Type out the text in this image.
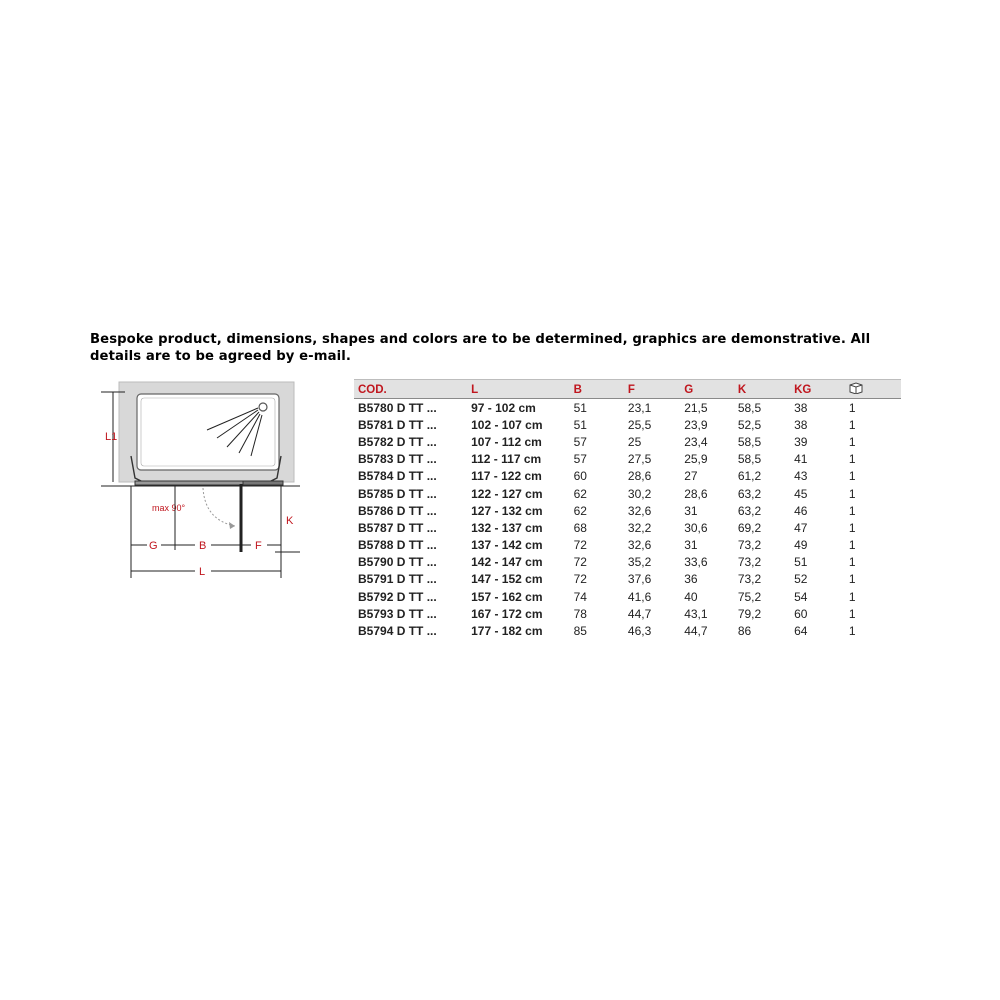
Bespoke product, dimensions, shapes and colors are to be determined, graphics are demonstrative. All details are to be agreed by e-mail.
L1
max 90°
K
G	B	F
L
COD.	L	B	F	G	K	KG	
B5780 D TT ...	97 - 102 cm	51	23,1	21,5	58,5	38	1
B5781 D TT ...	102 - 107 cm	51	25,5	23,9	52,5	38	1
B5782 D TT ...	107 - 112 cm	57	25	23,4	58,5	39	1
B5783 D TT ...	112 - 117 cm	57	27,5	25,9	58,5	41	1
B5784 D TT ...	117 - 122 cm	60	28,6	27	61,2	43	1
B5785 D TT ...	122 - 127 cm	62	30,2	28,6	63,2	45	1
B5786 D TT ...	127 - 132 cm	62	32,6	31	63,2	46	1
B5787 D TT ...	132 - 137 cm	68	32,2	30,6	69,2	47	1
B5788 D TT ...	137 - 142 cm	72	32,6	31	73,2	49	1
B5790 D TT ...	142 - 147 cm	72	35,2	33,6	73,2	51	1
B5791 D TT ...	147 - 152 cm	72	37,6	36	73,2	52	1
B5792 D TT ...	157 - 162 cm	74	41,6	40	75,2	54	1
B5793 D TT ...	167 - 172 cm	78	44,7	43,1	79,2	60	1
B5794 D TT ...	177 - 182 cm	85	46,3	44,7	86	64	1
